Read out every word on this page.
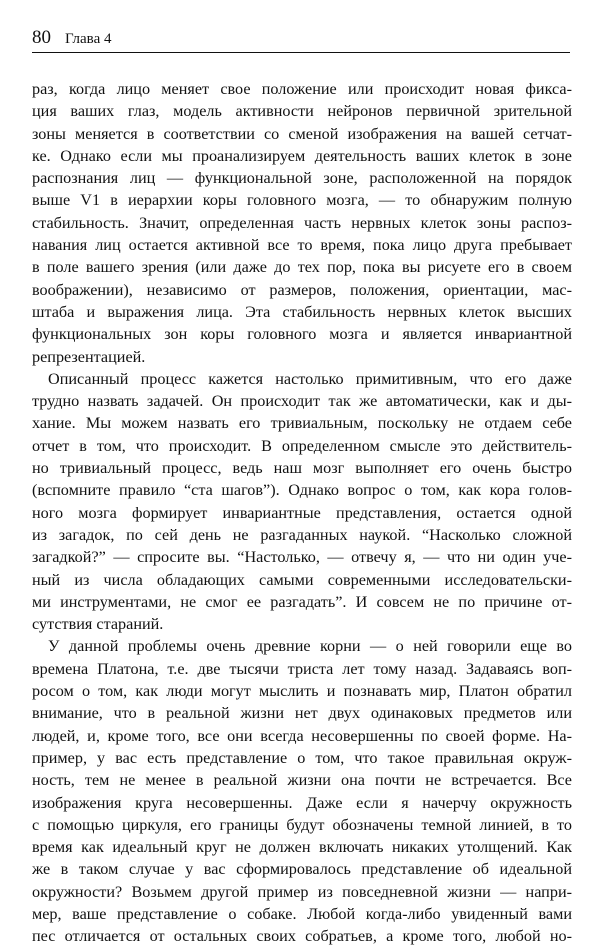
80 Глава 4
раз, когда лицо меняет свое положение или происходит новая фикса-
ция ваших глаз, модель активности нейронов первичной зрительной
зоны меняется в соответствии со сменой изображения на вашей сетчат-
ке. Однако если мы проанализируем деятельность ваших клеток в зоне
распознания лиц — функциональной зоне, расположенной на порядок
выше V1 в иерархии коры головного мозга, — то обнаружим полную
стабильность. Значит, определенная часть нервных клеток зоны распоз-
навания лиц остается активной все то время, пока лицо друга пребывает
в поле вашего зрения (или даже до тех пор, пока вы рисуете его в своем
воображении), независимо от размеров, положения, ориентации, мас-
штаба и выражения лица. Эта стабильность нервных клеток высших
функциональных зон коры головного мозга и является инвариантной
репрезентацией.
Описанный процесс кажется настолько примитивным, что его даже
трудно назвать задачей. Он происходит так же автоматически, как и ды-
хание. Мы можем назвать его тривиальным, поскольку не отдаем себе
отчет в том, что происходит. В определенном смысле это действитель-
но тривиальный процесс, ведь наш мозг выполняет его очень быстро
(вспомните правило “ста шагов”). Однако вопрос о том, как кора голов-
ного мозга формирует инвариантные представления, остается одной
из загадок, по сей день не разгаданных наукой. “Насколько сложной
загадкой?” — спросите вы. “Настолько, — отвечу я, — что ни один уче-
ный из числа обладающих самыми современными исследовательски-
ми инструментами, не смог ее разгадать”. И совсем не по причине от-
сутствия стараний.
У данной проблемы очень древние корни — о ней говорили еще во
времена Платона, т.е. две тысячи триста лет тому назад. Задаваясь воп-
росом о том, как люди могут мыслить и познавать мир, Платон обратил
внимание, что в реальной жизни нет двух одинаковых предметов или
людей, и, кроме того, все они всегда несовершенны по своей форме. На-
пример, у вас есть представление о том, что такое правильная окруж-
ность, тем не менее в реальной жизни она почти не встречается. Все
изображения круга несовершенны. Даже если я начерчу окружность
с помощью циркуля, его границы будут обозначены темной линией, в то
время как идеальный круг не должен включать никаких утолщений. Как
же в таком случае у вас сформировалось представление об идеальной
окружности? Возьмем другой пример из повседневной жизни — напри-
мер, ваше представление о собаке. Любой когда-либо увиденный вами
пес отличается от остальных своих собратьев, а кроме того, любой но-
